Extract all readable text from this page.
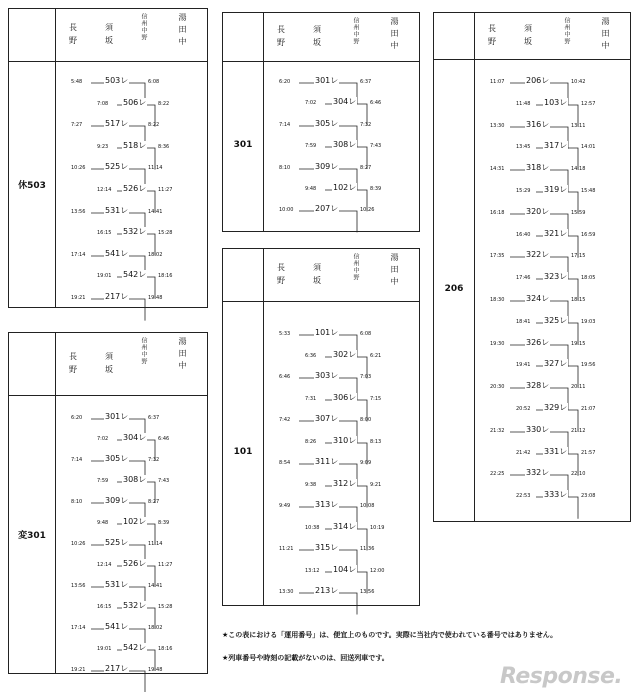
休503
長野
須坂	信州中野	湯田中
5:48	503レ	6:08
7:08 506レ 8:22
7:27	517レ	8:22
9:23 518レ 8:36
10:26 525レ	11:14
12:14 526レ 11:27
13:56 531レ	14:41
16:15 532レ 15:28
17:14 541レ	18:02
19:01 542レ 18:16
19:21 217レ	19:48
301
長野
須坂	信州中野	湯田中
6:20	301レ	6:37
7:02 304レ	6:46
7:14	305レ	7:32
7:59 308レ	7:43
8:10	309レ	8:27
9:48 102レ	8:39
10:00	207レ	10:26
変301
長野
須坂
信州中野	湯田中
6:20	301レ	6:37
7:02 304レ 6:46
7:14	305レ	7:32
7:59 308レ 7:43
8:10	309レ	8:27
9:48 102レ 8:39
10:26 525レ	11:14
12:14 526レ 11:27
13:56 531レ	14:41
16:15 532レ 15:28
17:14 541レ	18:02
19:01 542レ 18:16
19:21 217レ	19:48
101
長野
須坂	信州中野	湯田中
5:33	101レ	6:08
6:36 302レ	6:21
6:46	303レ	7:03
7:31 306レ	7:15
7:42	307レ	8:00
8:26 310レ	8:13
8:54	311レ	9:09
9:38 312レ	9:21
9:49	313レ	10:08
10:38 314レ	10:19
11:21	315レ	11:36
13:12 104レ	12:00
13:30	213レ	13:56
206
長野
須坂	信州中野	湯田中
11:07	206レ	10:42
11:48 103レ	12:57
13:30	316レ	13:11
13:45 317レ	14:01
14:31	318レ	14:18
15:29 319レ	15:48
16:18	320レ	15:59
16:40 321レ	16:59
17:35	322レ	17:15
17:46 323レ	18:05
18:30	324レ	18:15
18:41 325レ	19:03
19:30	326レ	19:15
19:41 327レ	19:56
20:30	328レ	20:11
20:52 329レ	21:07
21:32	330レ	21:12
21:42 331レ	21:57
22:25	332レ	22:10
22:53 333レ	23:08
★この表における「運用番号」は、便宜上のものです。実際に当社内で使われている番号ではありません。
★列車番号や時刻の記載がないのは、回送列車です。
Response.
